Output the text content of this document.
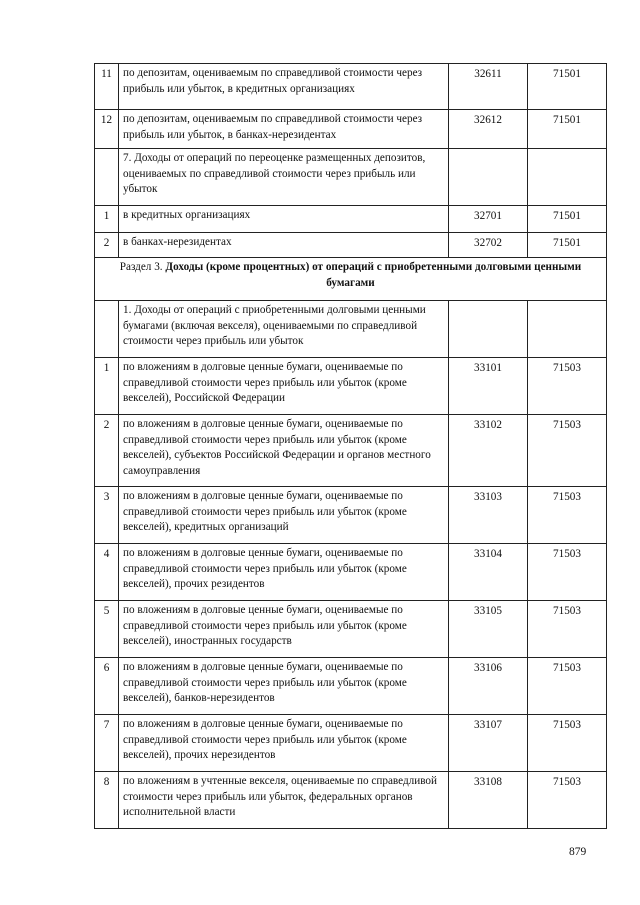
11	по депозитам, оцениваемым по справедливой стоимости через прибыль или убыток, в кредитных организациях	32611	71501
12	по депозитам, оцениваемым по справедливой стоимости через прибыль или убыток, в банках-нерезидентах	32612	71501
	7. Доходы от операций по переоценке размещенных депозитов, оцениваемых по справедливой стоимости через прибыль или убыток		
1	в кредитных организациях	32701	71501
2	в банках-нерезидентах	32702	71501
Раздел 3. Доходы (кроме процентных) от операций с приобретенными долговыми ценными бумагами			
	1. Доходы от операций с приобретенными долговыми ценными бумагами (включая векселя), оцениваемыми по справедливой стоимости через прибыль или убыток		
1	по вложениям в долговые ценные бумаги, оцениваемые по справедливой стоимости через прибыль или убыток (кроме векселей), Российской Федерации	33101	71503
2	по вложениям в долговые ценные бумаги, оцениваемые по справедливой стоимости через прибыль или убыток (кроме векселей), субъектов Российской Федерации и органов местного самоуправления	33102	71503
3	по вложениям в долговые ценные бумаги, оцениваемые по справедливой стоимости через прибыль или убыток (кроме векселей), кредитных организаций	33103	71503
4	по вложениям в долговые ценные бумаги, оцениваемые по справедливой стоимости через прибыль или убыток (кроме векселей), прочих резидентов	33104	71503
5	по вложениям в долговые ценные бумаги, оцениваемые по справедливой стоимости через прибыль или убыток (кроме векселей), иностранных государств	33105	71503
6	по вложениям в долговые ценные бумаги, оцениваемые по справедливой стоимости через прибыль или убыток (кроме векселей), банков-нерезидентов	33106	71503
7	по вложениям в долговые ценные бумаги, оцениваемые по справедливой стоимости через прибыль или убыток (кроме векселей), прочих нерезидентов	33107	71503
8	по вложениям в учтенные векселя, оцениваемые по справедливой стоимости через прибыль или убыток, федеральных органов исполнительной власти	33108	71503
879
